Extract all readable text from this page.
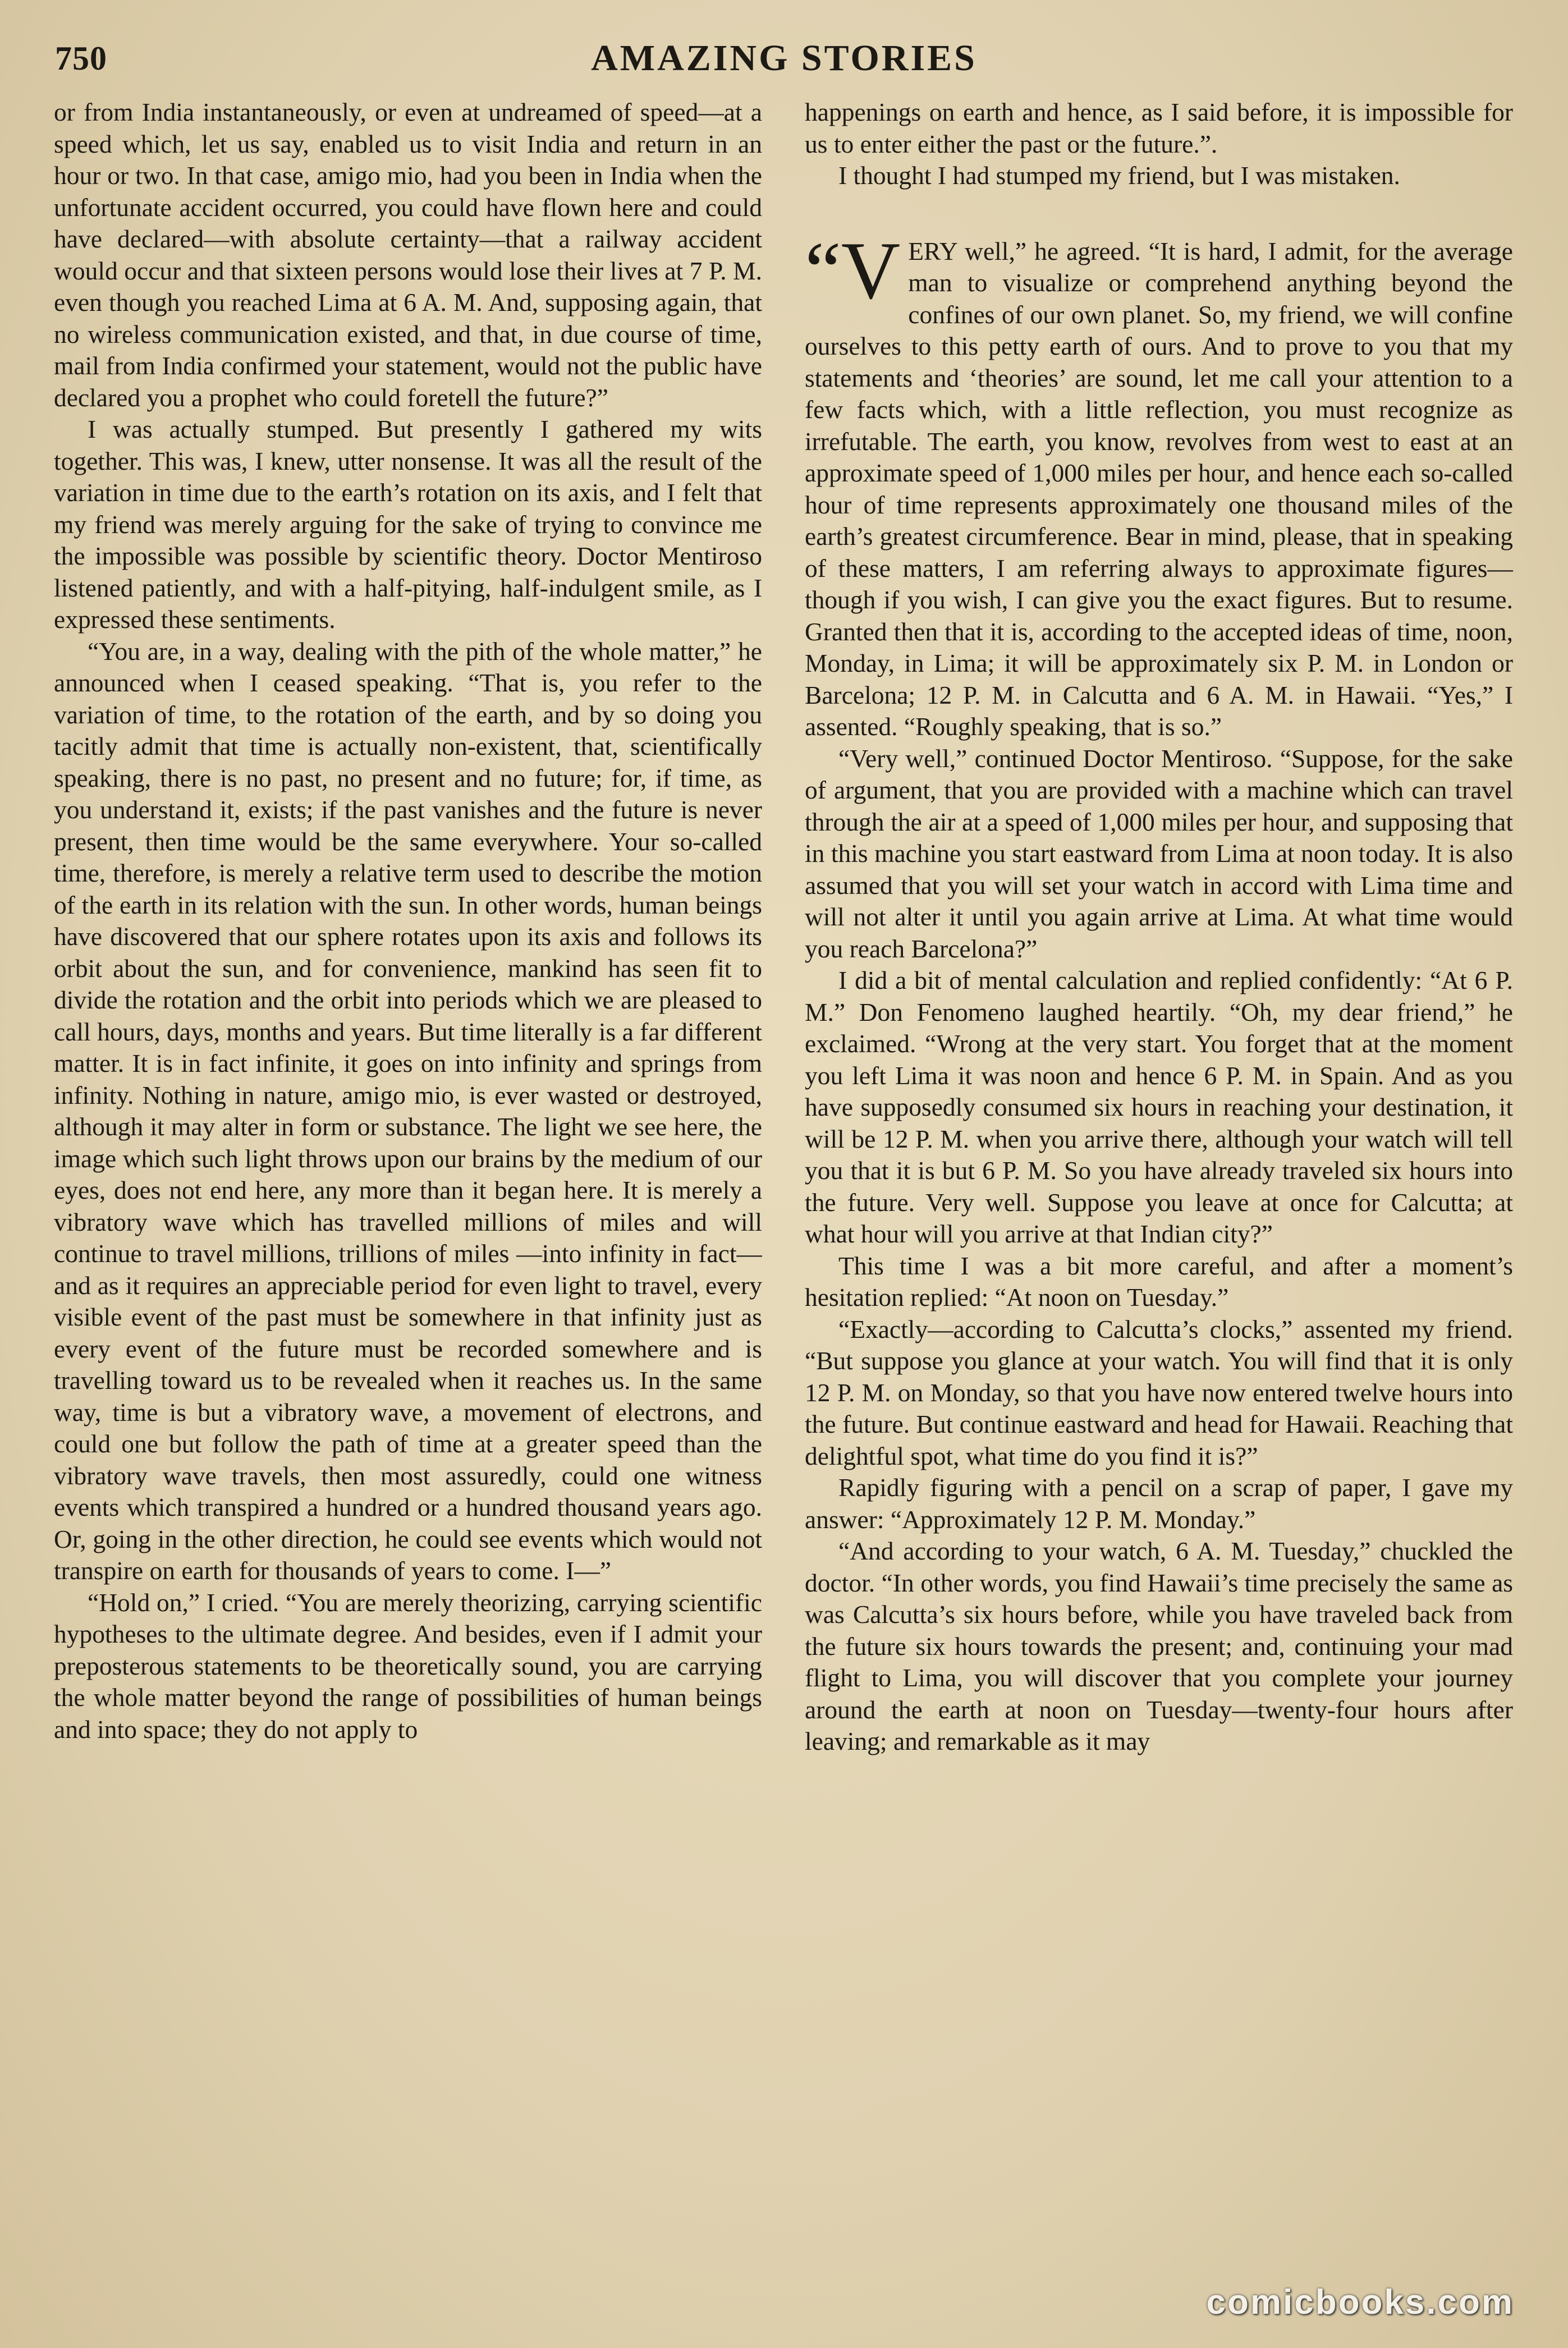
750	AMAZING STORIES

or from India instantaneously, or even at undreamed of speed—at a speed which, let us say, enabled us to visit India and return in an hour or two. In that case, amigo mio, had you been in India when the unfortunate accident occurred, you could have flown here and could have declared—with absolute certainty—that a railway accident would occur and that sixteen persons would lose their lives at 7 P. M. even though you reached Lima at 6 A. M. And, supposing again, that no wireless communication existed, and that, in due course of time, mail from India confirmed your statement, would not the public have declared you a prophet who could foretell the future?”

I was actually stumped. But presently I gathered my wits together. This was, I knew, utter nonsense. It was all the result of the variation in time due to the earth’s rotation on its axis, and I felt that my friend was merely arguing for the sake of trying to convince me the impossible was possible by scientific theory. Doctor Mentiroso listened patiently, and with a half-pitying, half-indulgent smile, as I expressed these sentiments.

“You are, in a way, dealing with the pith of the whole matter,” he announced when I ceased speaking. “That is, you refer to the variation of time, to the rotation of the earth, and by so doing you tacitly admit that time is actually non-existent, that, scientifically speaking, there is no past, no present and no future; for, if time, as you understand it, exists; if the past vanishes and the future is never present, then time would be the same everywhere. Your so-called time, therefore, is merely a relative term used to describe the motion of the earth in its relation with the sun. In other words, human beings have discovered that our sphere rotates upon its axis and follows its orbit about the sun, and for convenience, mankind has seen fit to divide the rotation and the orbit into periods which we are pleased to call hours, days, months and years. But time literally is a far different matter. It is in fact infinite, it goes on into infinity and springs from infinity. Nothing in nature, amigo mio, is ever wasted or destroyed, although it may alter in form or substance. The light we see here, the image which such light throws upon our brains by the medium of our eyes, does not end here, any more than it began here. It is merely a vibratory wave which has travelled millions of miles and will continue to travel millions, trillions of miles —into infinity in fact—and as it requires an appreciable period for even light to travel, every visible event of the past must be somewhere in that infinity just as every event of the future must be recorded somewhere and is travelling toward us to be revealed when it reaches us. In the same way, time is but a vibratory wave, a movement of electrons, and could one but follow the path of time at a greater speed than the vibratory wave travels, then most assuredly, could one witness events which transpired a hundred or a hundred thousand years ago. Or, going in the other direction, he could see events which would not transpire on earth for thousands of years to come. I—”

“Hold on,” I cried. “You are merely theorizing, carrying scientific hypotheses to the ultimate degree. And besides, even if I admit your preposterous statements to be theoretically sound, you are carrying the whole matter beyond the range of possibilities of human beings and into space; they do not apply to

happenings on earth and hence, as I said before, it is impossible for us to enter either the past or the future.”.

I thought I had stumped my friend, but I was mistaken.

“VERY well,” he agreed. “It is hard, I admit, for the average man to visualize or comprehend anything beyond the confines of our own planet. So, my friend, we will confine ourselves to this petty earth of ours. And to prove to you that my statements and ‘theories’ are sound, let me call your attention to a few facts which, with a little reflection, you must recognize as irrefutable. The earth, you know, revolves from west to east at an approximate speed of 1,000 miles per hour, and hence each so-called hour of time represents approximately one thousand miles of the earth’s greatest circumference. Bear in mind, please, that in speaking of these matters, I am referring always to approximate figures—though if you wish, I can give you the exact figures. But to resume. Granted then that it is, according to the accepted ideas of time, noon, Monday, in Lima; it will be approximately six P. M. in London or Barcelona; 12 P. M. in Calcutta and 6 A. M. in Hawaii. “Yes,” I assented. “Roughly speaking, that is so.”

“Very well,” continued Doctor Mentiroso. “Suppose, for the sake of argument, that you are provided with a machine which can travel through the air at a speed of 1,000 miles per hour, and supposing that in this machine you start eastward from Lima at noon today. It is also assumed that you will set your watch in accord with Lima time and will not alter it until you again arrive at Lima. At what time would you reach Barcelona?”

I did a bit of mental calculation and replied confidently: “At 6 P. M.” Don Fenomeno laughed heartily. “Oh, my dear friend,” he exclaimed. “Wrong at the very start. You forget that at the moment you left Lima it was noon and hence 6 P. M. in Spain. And as you have supposedly consumed six hours in reaching your destination, it will be 12 P. M. when you arrive there, although your watch will tell you that it is but 6 P. M. So you have already traveled six hours into the future. Very well. Suppose you leave at once for Calcutta; at what hour will you arrive at that Indian city?”

This time I was a bit more careful, and after a moment’s hesitation replied: “At noon on Tuesday.”

“Exactly—according to Calcutta’s clocks,” assented my friend. “But suppose you glance at your watch. You will find that it is only 12 P. M. on Monday, so that you have now entered twelve hours into the future. But continue eastward and head for Hawaii. Reaching that delightful spot, what time do you find it is?”

Rapidly figuring with a pencil on a scrap of paper, I gave my answer: “Approximately 12 P. M. Monday.”

“And according to your watch, 6 A. M. Tuesday,” chuckled the doctor. “In other words, you find Hawaii’s time precisely the same as was Calcutta’s six hours before, while you have traveled back from the future six hours towards the present; and, continuing your mad flight to Lima, you will discover that you complete your journey around the earth at noon on Tuesday—twenty-four hours after leaving; and remarkable as it may

comicbooks.com
